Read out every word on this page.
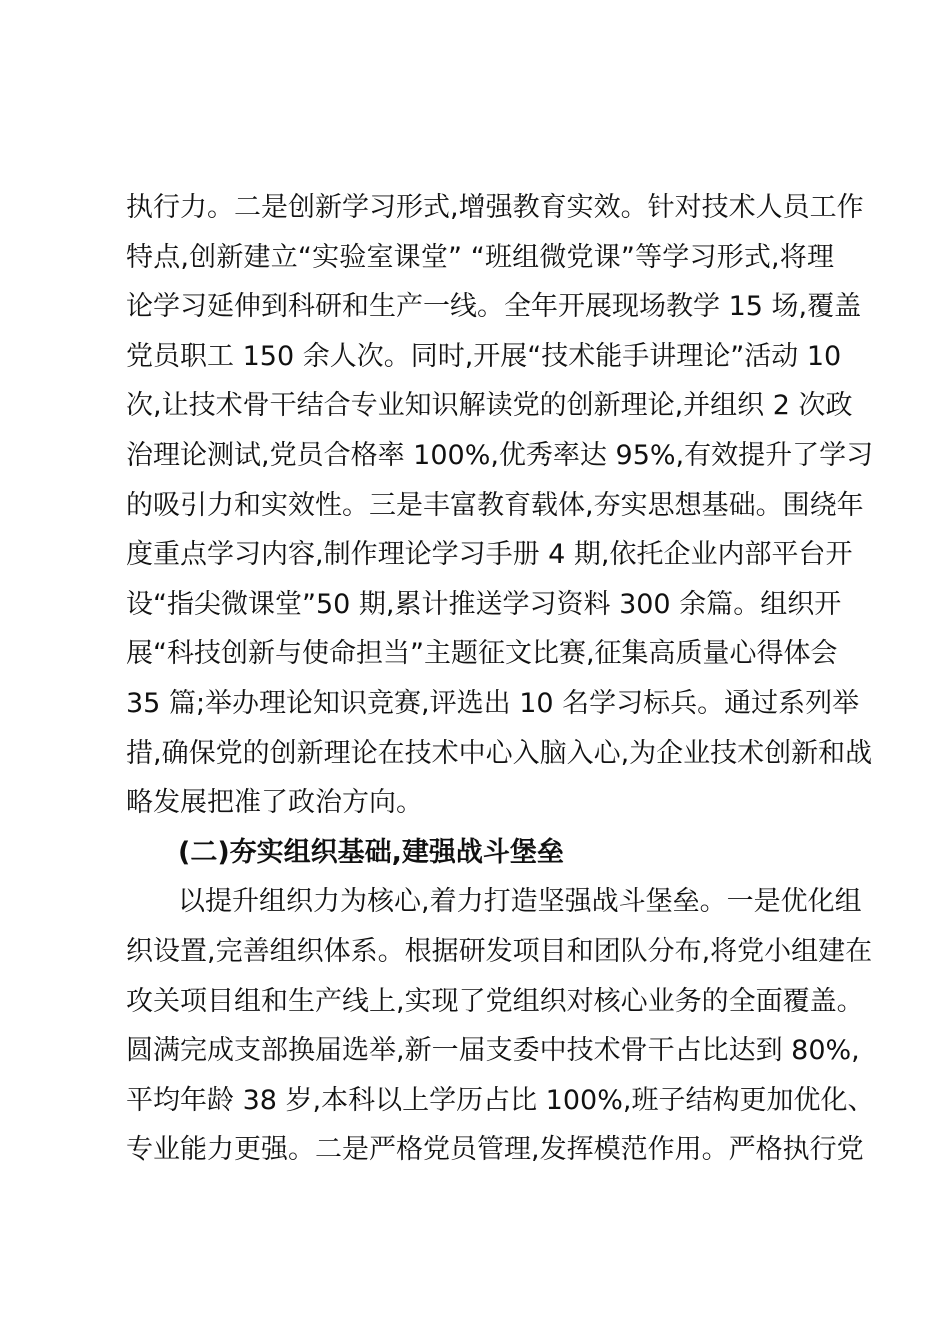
执行力。二是创新学习形式,增强教育实效。针对技术人员工作
特点,创新建立“实验室课堂” “班组微党课”等学习形式,将理
论学习延伸到科研和生产一线。全年开展现场教学 15 场,覆盖
党员职工 150 余人次。同时,开展“技术能手讲理论”活动 10
次,让技术骨干结合专业知识解读党的创新理论,并组织 2 次政
治理论测试,党员合格率 100%,优秀率达 95%,有效提升了学习
的吸引力和实效性。三是丰富教育载体,夯实思想基础。围绕年
度重点学习内容,制作理论学习手册 4 期,依托企业内部平台开
设“指尖微课堂”50 期,累计推送学习资料 300 余篇。组织开
展“科技创新与使命担当”主题征文比赛,征集高质量心得体会
35 篇;举办理论知识竞赛,评选出 10 名学习标兵。通过系列举
措,确保党的创新理论在技术中心入脑入心,为企业技术创新和战
略发展把准了政治方向。
(二)夯实组织基础,建强战斗堡垒
以提升组织力为核心,着力打造坚强战斗堡垒。一是优化组
织设置,完善组织体系。根据研发项目和团队分布,将党小组建在
攻关项目组和生产线上,实现了党组织对核心业务的全面覆盖。
圆满完成支部换届选举,新一届支委中技术骨干占比达到 80%,
平均年龄 38 岁,本科以上学历占比 100%,班子结构更加优化、
专业能力更强。二是严格党员管理,发挥模范作用。严格执行党
